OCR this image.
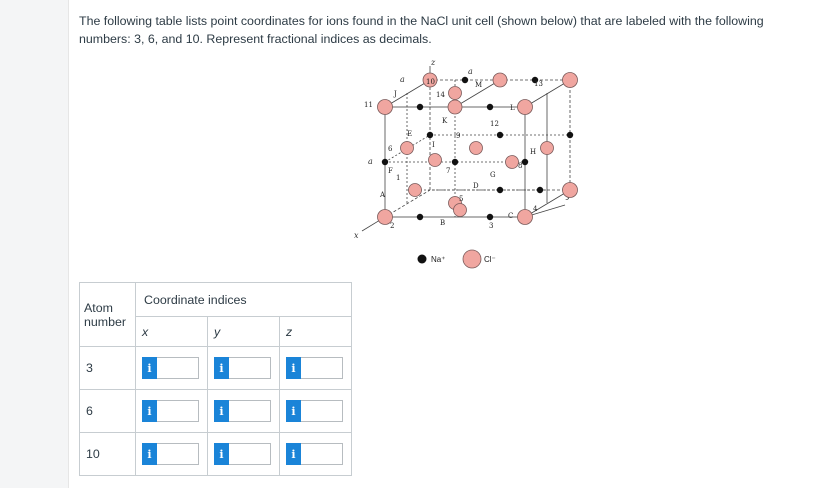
The following table lists point coordinates for ions found in the NaCl unit cell (shown below) that are labeled with the following numbers: 3, 6, and 10. Represent fractional indices as decimals.
z
x
a
a
a
J
M
K
E
L
F
I
D
G
A
B
C
H
10
14
13
11
12
9
6
8
1
7
5
2	3
4
Na⁺	Cl⁻
Atom number	Coordinate indices		
	x	y	z
3	i	i	i

6	i	i	i

10	i	i	i
